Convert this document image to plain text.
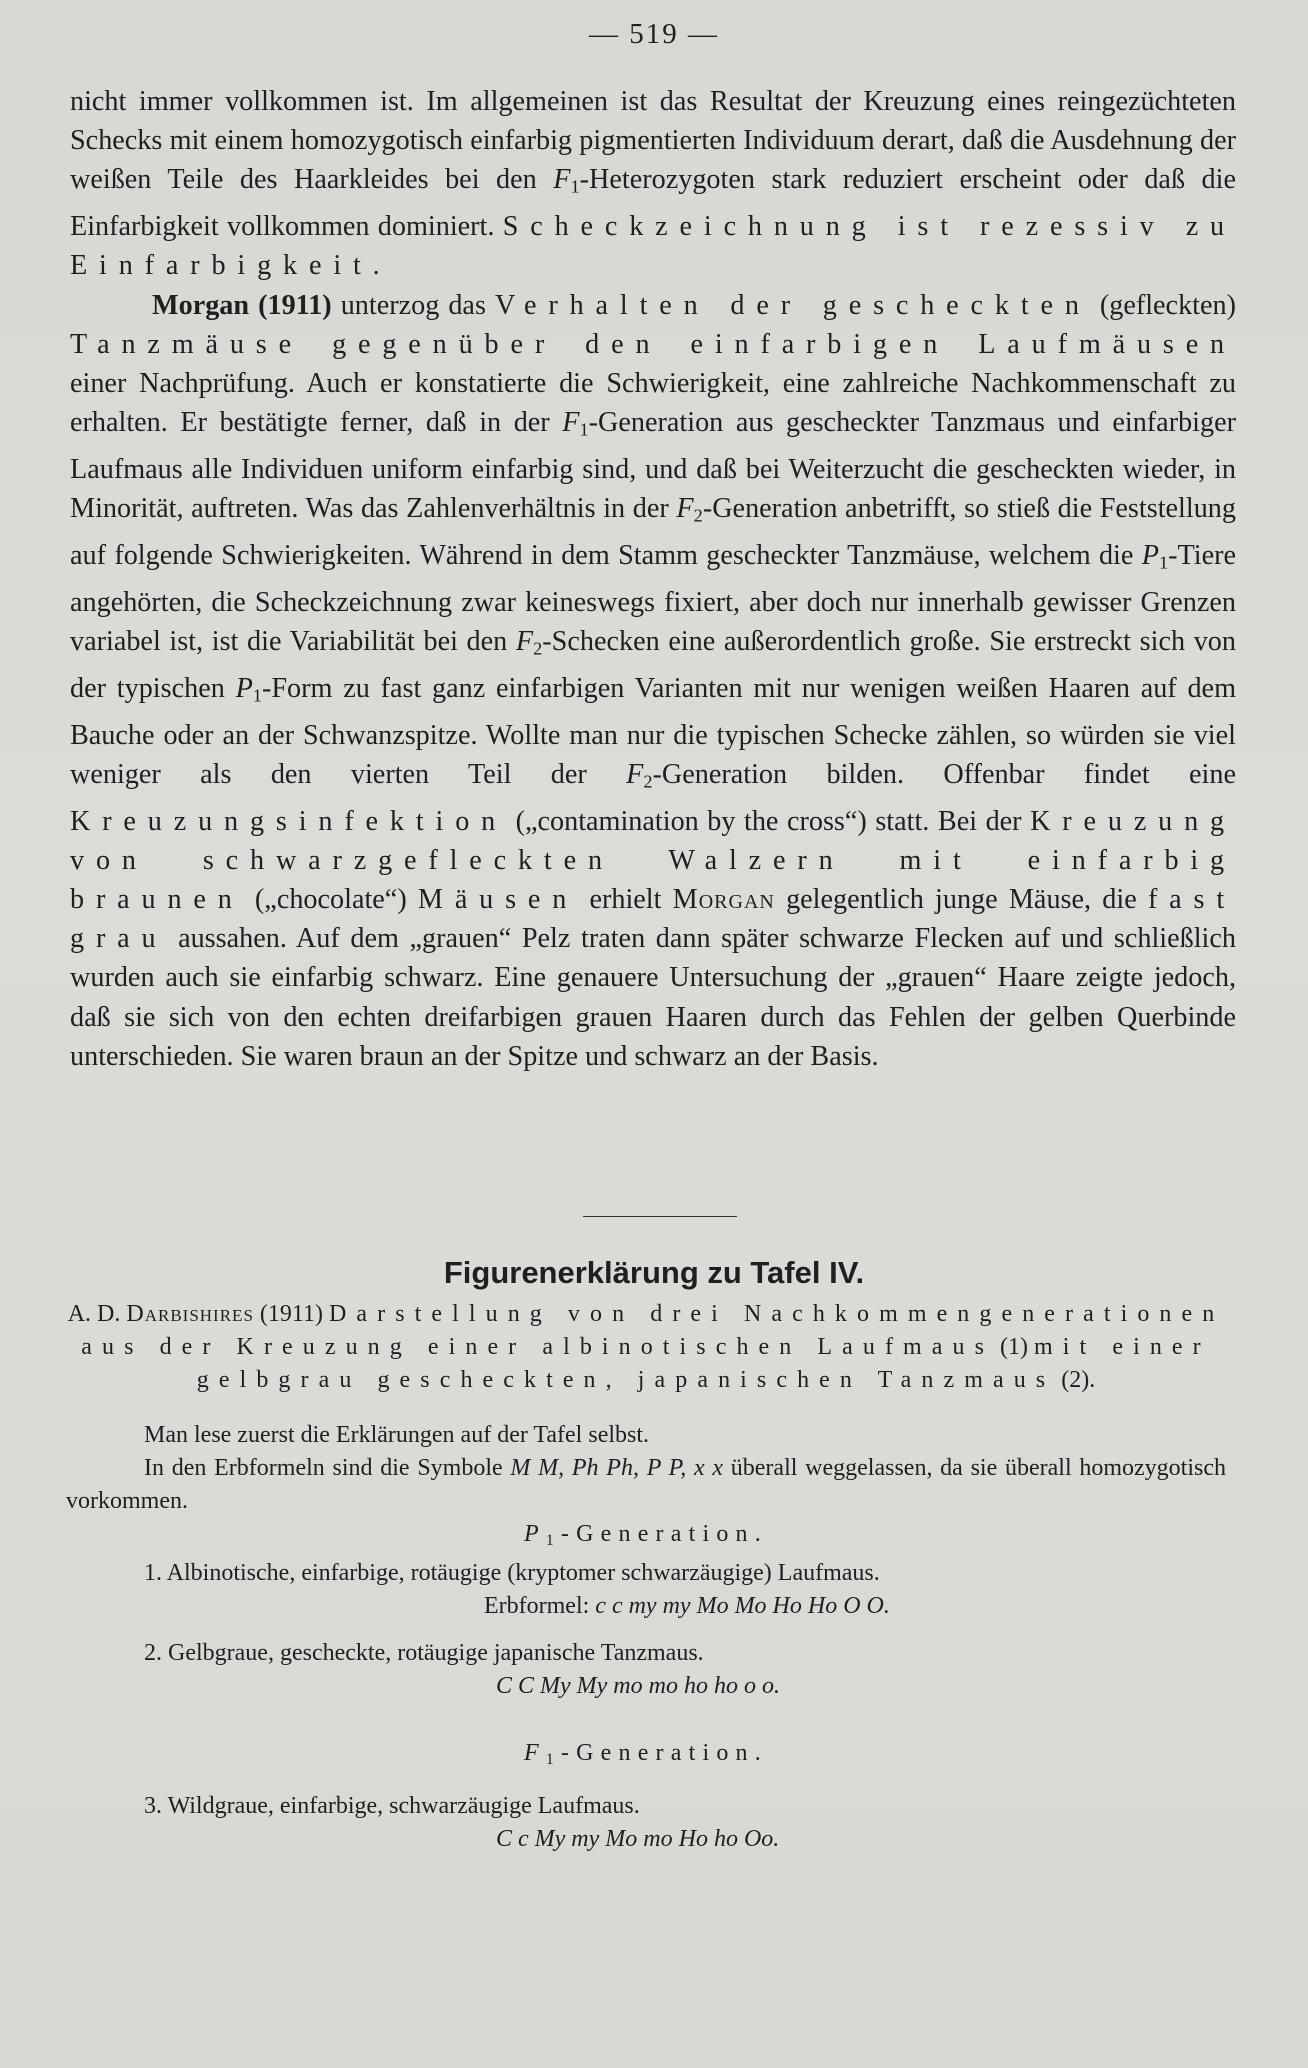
— 519 —

nicht immer vollkommen ist. Im allgemeinen ist das Resultat der Kreuzung eines reingezüchteten Schecks mit einem homozygotisch einfarbig pigmentierten Individuum derart, daß die Ausdehnung der weißen Teile des Haarkleides bei den $F_1$-Heterozygoten stark reduziert erscheint oder daß die Einfarbigkeit vollkommen dominiert. Scheckzeichnung ist rezessiv zu Einfarbigkeit.

Morgan (1911) unterzog das Verhalten der gescheckten (gefleckten) Tanzmäuse gegenüber den einfarbigen Laufmäusen einer Nachprüfung. Auch er konstatierte die Schwierigkeit, eine zahlreiche Nachkommenschaft zu erhalten. Er bestätigte ferner, daß in der $F_1$-Generation aus gescheckter Tanzmaus und einfarbiger Laufmaus alle Individuen uniform einfarbig sind, und daß bei Weiterzucht die gescheckten wieder, in Minorität, auftreten. Was das Zahlenverhältnis in der $F_2$-Generation anbetrifft, so stieß die Feststellung auf folgende Schwierigkeiten. Während in dem Stamm gescheckter Tanzmäuse, welchem die $P_1$-Tiere angehörten, die Scheckzeichnung zwar keineswegs fixiert, aber doch nur innerhalb gewisser Grenzen variabel ist, ist die Variabilität bei den $F_2$-Schecken eine außerordentlich große. Sie erstreckt sich von der typischen $P_1$-Form zu fast ganz einfarbigen Varianten mit nur wenigen weißen Haaren auf dem Bauche oder an der Schwanzspitze. Wollte man nur die typischen Schecke zählen, so würden sie viel weniger als den vierten Teil der $F_2$-Generation bilden. Offenbar findet eine Kreuzungsinfektion („contamination by the cross“) statt. Bei der Kreuzung von schwarzgefleckten Walzern mit einfarbig braunen („chocolate“) Mäusen erhielt Morgan gelegentlich junge Mäuse, die fast grau aussahen. Auf dem „grauen“ Pelz traten dann später schwarze Flecken auf und schließlich wurden auch sie einfarbig schwarz. Eine genauere Untersuchung der „grauen“ Haare zeigte jedoch, daß sie sich von den echten dreifarbigen grauen Haaren durch das Fehlen der gelben Querbinde unterschieden. Sie waren braun an der Spitze und schwarz an der Basis.

Figurenerklärung zu Tafel IV.

A. D. Darbishires (1911) Darstellung von drei Nachkommengenerationen aus der Kreuzung einer albinotischen Laufmaus (1) mit einer gelbgrau gescheckten, japanischen Tanzmaus (2).

Man lese zuerst die Erklärungen auf der Tafel selbst.

In den Erbformeln sind die Symbole M M, Ph Ph, P P, x x überall weggelassen, da sie überall homozygotisch vorkommen.

$P_1$-Generation.

1. Albinotische, einfarbige, rotäugige (kryptomer schwarzäugige) Laufmaus.

Erbformel: c c my my Mo Mo Ho Ho O O.

2. Gelbgraue, gescheckte, rotäugige japanische Tanzmaus.

C C My My mo mo ho ho o o.

$F_1$-Generation.

3. Wildgraue, einfarbige, schwarzäugige Laufmaus.

C c My my Mo mo Ho ho Oo.
